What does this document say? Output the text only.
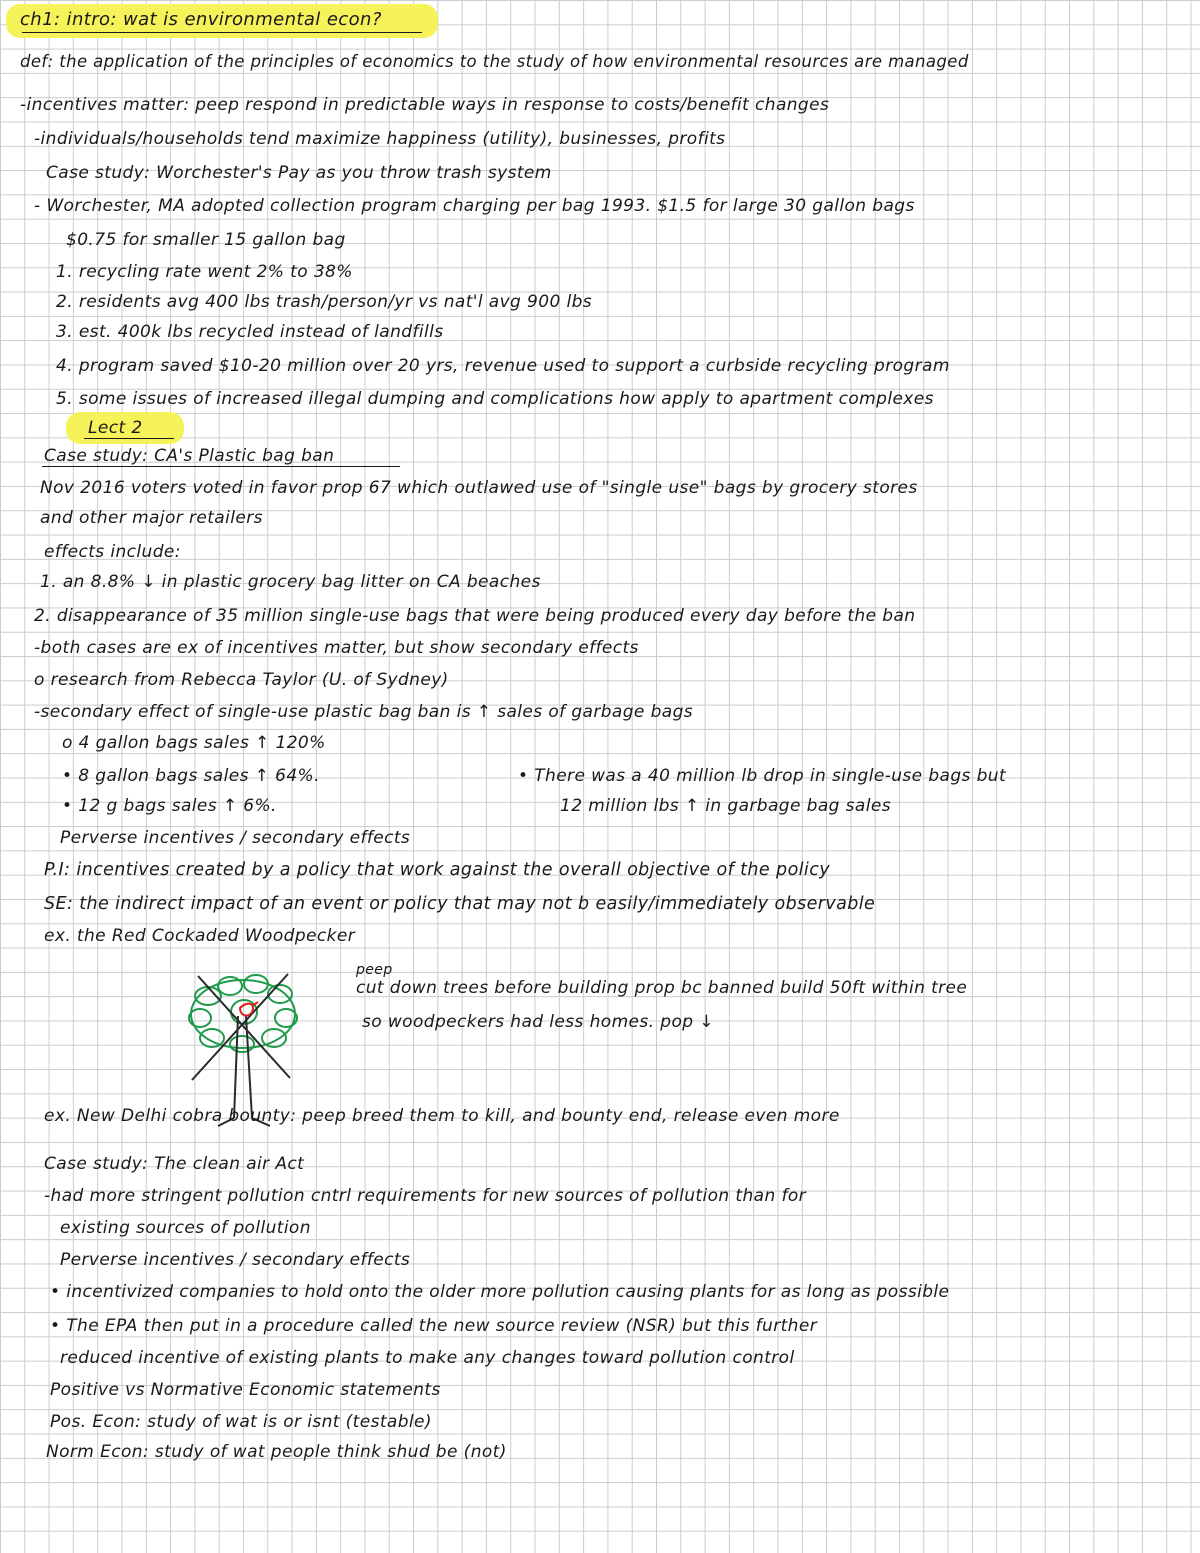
ch1: intro: wat is environmental econ?
def: the application of the principles of economics to the study of how environmental resources are managed
-incentives matter: peep respond in predictable ways in response to costs/benefit changes
-individuals/households tend maximize happiness (utility), businesses, profits
Case study: Worchester's Pay as you throw trash system
- Worchester, MA adopted collection program charging per bag 1993. $1.5 for large 30 gallon bags
$0.75 for smaller 15 gallon bag
1. recycling rate went 2% to 38%
2. residents avg 400 lbs trash/person/yr vs nat'l avg 900 lbs
3. est. 400k lbs recycled instead of landfills
4. program saved $10-20 million over 20 yrs, revenue used to support a curbside recycling program
5. some issues of increased illegal dumping and complications how apply to apartment complexes
Lect 2
Case study: CA's Plastic bag ban
Nov 2016 voters voted in favor prop 67 which outlawed use of "single use" bags by grocery stores
and other major retailers
effects include:
1. an 8.8% ↓ in plastic grocery bag litter on CA beaches
2. disappearance of 35 million single-use bags that were being produced every day before the ban
-both cases are ex of incentives matter, but show secondary effects
o research from Rebecca Taylor (U. of Sydney)
-secondary effect of single-use plastic bag ban is ↑ sales of garbage bags
o 4 gallon bags sales ↑ 120%
• 8 gallon bags sales ↑ 64%.
• 12 g bags sales ↑ 6%.
• There was a 40 million lb drop in single-use bags but
12 million lbs ↑ in garbage bag sales
Perverse incentives / secondary effects
P.I: incentives created by a policy that work against the overall objective of the policy
SE: the indirect impact of an event or policy that may not b easily/immediately observable
ex. the Red Cockaded Woodpecker
peep
cut down trees before building prop bc banned build 50ft within tree
so woodpeckers had less homes. pop ↓
ex. New Delhi cobra bounty: peep breed them to kill, and bounty end, release even more
Case study: The clean air Act
-had more stringent pollution cntrl requirements for new sources of pollution than for
existing sources of pollution
Perverse incentives / secondary effects
• incentivized companies to hold onto the older more pollution causing plants for as long as possible
• The EPA then put in a procedure called the new source review (NSR) but this further
reduced incentive of existing plants to make any changes toward pollution control
Positive vs Normative Economic statements
Pos. Econ: study of wat is or isnt (testable)
Norm Econ: study of wat people think shud be (not)
